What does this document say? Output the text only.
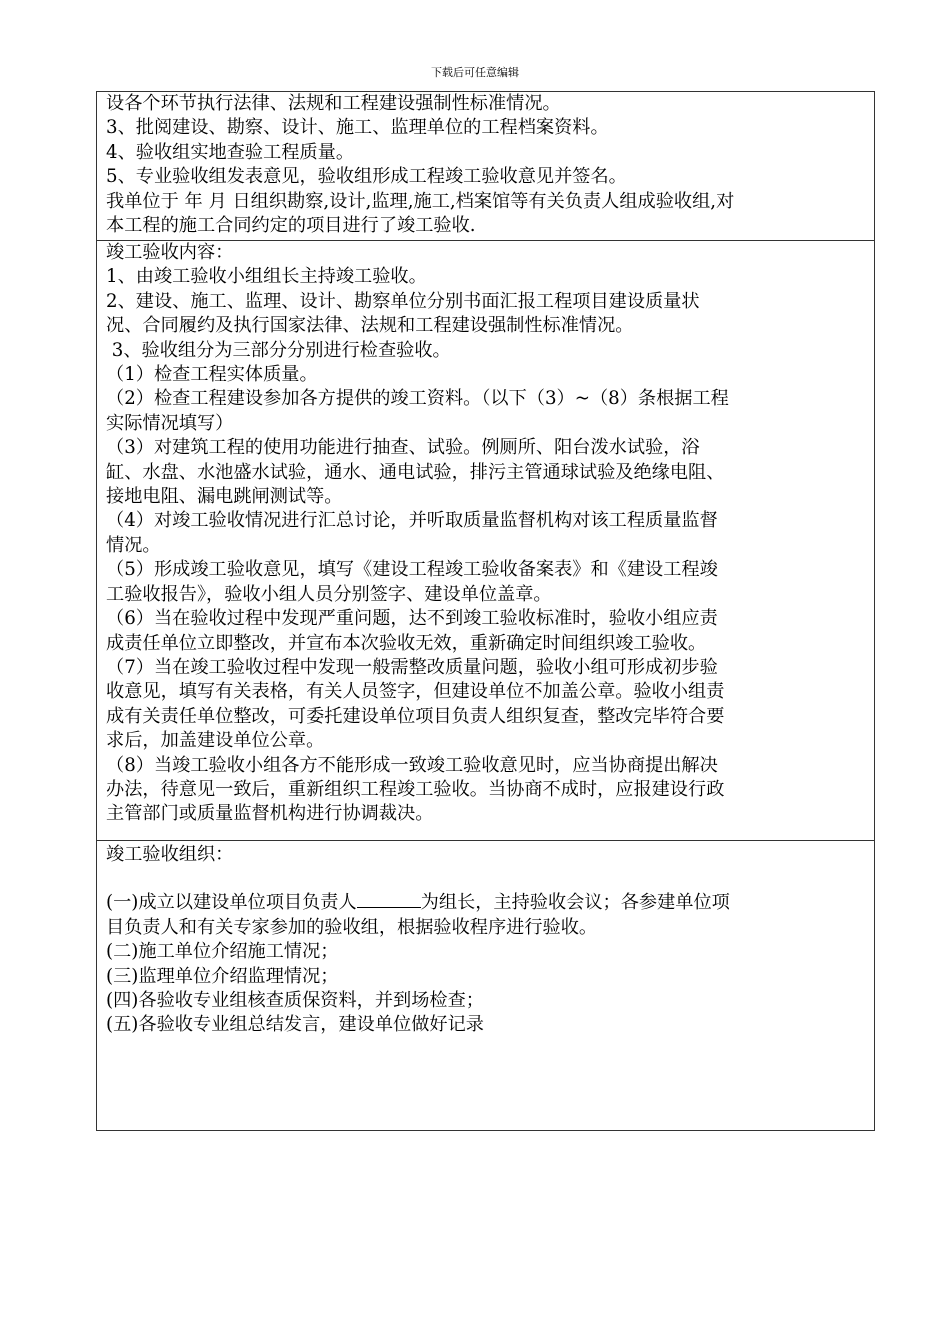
下载后可任意编辑

设各个环节执行法律、法规和工程建设强制性标准情况。

3、批阅建设、勘察、设计、施工、监理单位的工程档案资料。

4、验收组实地查验工程质量。

5、专业验收组发表意见，验收组形成工程竣工验收意见并签名。

我单位于 年 月 日组织勘察,设计,监理,施工,档案馆等有关负责人组成验收组,对

本工程的施工合同约定的项目进行了竣工验收.

竣工验收内容：

1、由竣工验收小组组长主持竣工验收。

2、建设、施工、监理、设计、勘察单位分别书面汇报工程项目建设质量状

况、合同履约及执行国家法律、法规和工程建设强制性标准情况。

3、验收组分为三部分分别进行检查验收。

（1）检查工程实体质量。

（2）检查工程建设参加各方提供的竣工资料。（以下（3）~（8）条根据工程

实际情况填写）

（3）对建筑工程的使用功能进行抽查、试验。例厕所、阳台泼水试验，浴

缸、水盘、水池盛水试验，通水、通电试验，排污主管通球试验及绝缘电阻、

接地电阻、漏电跳闸测试等。

（4）对竣工验收情况进行汇总讨论，并听取质量监督机构对该工程质量监督

情况。

（5）形成竣工验收意见，填写《建设工程竣工验收备案表》和《建设工程竣

工验收报告》，验收小组人员分别签字、建设单位盖章。

（6）当在验收过程中发现严重问题，达不到竣工验收标准时，验收小组应责

成责任单位立即整改，并宣布本次验收无效，重新确定时间组织竣工验收。

（7）当在竣工验收过程中发现一般需整改质量问题，验收小组可形成初步验

收意见，填写有关表格，有关人员签字，但建设单位不加盖公章。验收小组责

成有关责任单位整改，可委托建设单位项目负责人组织复查，整改完毕符合要

求后，加盖建设单位公章。

（8）当竣工验收小组各方不能形成一致竣工验收意见时，应当协商提出解决

办法，待意见一致后，重新组织工程竣工验收。当协商不成时，应报建设行政

主管部门或质量监督机构进行协调裁决。

竣工验收组织：

(一)成立以建设单位项目负责人	为组长，主持验收会议；各参建单位项

目负责人和有关专家参加的验收组，根据验收程序进行验收。

(二)施工单位介绍施工情况；

(三)监理单位介绍监理情况；

(四)各验收专业组核查质保资料，并到场检查；

(五)各验收专业组总结发言，建设单位做好记录
